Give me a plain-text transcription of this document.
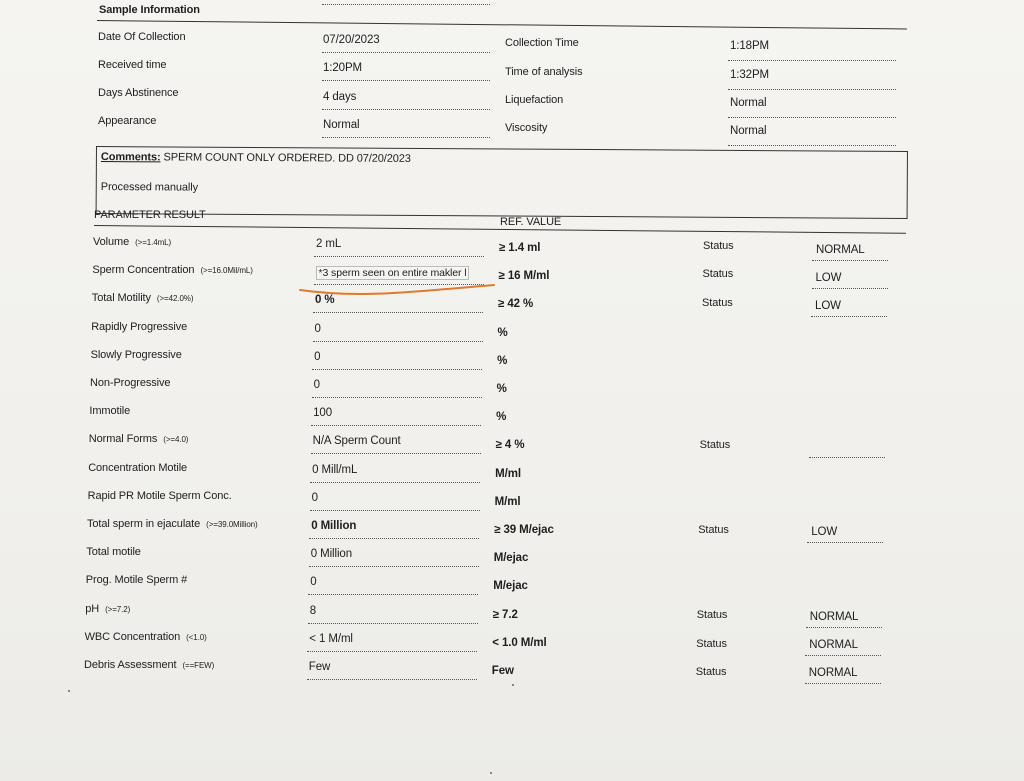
Sample Information
Date Of Collection	07/20/2023	Collection Time	1:18PM
Received time	1:20PM	Time of analysis	1:32PM
Days Abstinence	4 days	Liquefaction	Normal
Appearance	Normal	Viscosity	Normal
Comments: SPERM COUNT ONLY ORDERED. DD 07/20/2023
Processed manually
PARAMETER RESULT
REF. VALUE
Volume (>=1.4mL)	2 mL	≥ 1.4 ml	Status	NORMAL
Sperm Concentration (>=16.0Mil/mL)	*3 sperm seen on entire makler l	≥ 16 M/ml	Status	LOW
Total Motility (>=42.0%)	0 %	≥ 42 %	Status	LOW
Rapidly Progressive	0	%
Slowly Progressive	0	%
Non-Progressive	0	%
Immotile	100	%
Normal Forms (>=4.0)	N/A Sperm Count	≥ 4 %	Status
Concentration Motile	0 Mill/mL	M/ml
Rapid PR Motile Sperm Conc.	0	M/ml
Total sperm in ejaculate (>=39.0Million)	0 Million	≥ 39 M/ejac	Status	LOW
Total motile	0 Million	M/ejac
Prog. Motile Sperm #	0	M/ejac
pH (>=7.2)	8	≥ 7.2	Status	NORMAL
WBC Concentration (<1.0)	< 1 M/ml	< 1.0 M/ml	Status	NORMAL
Debris Assessment (==FEW)	Few	Few	Status	NORMAL
